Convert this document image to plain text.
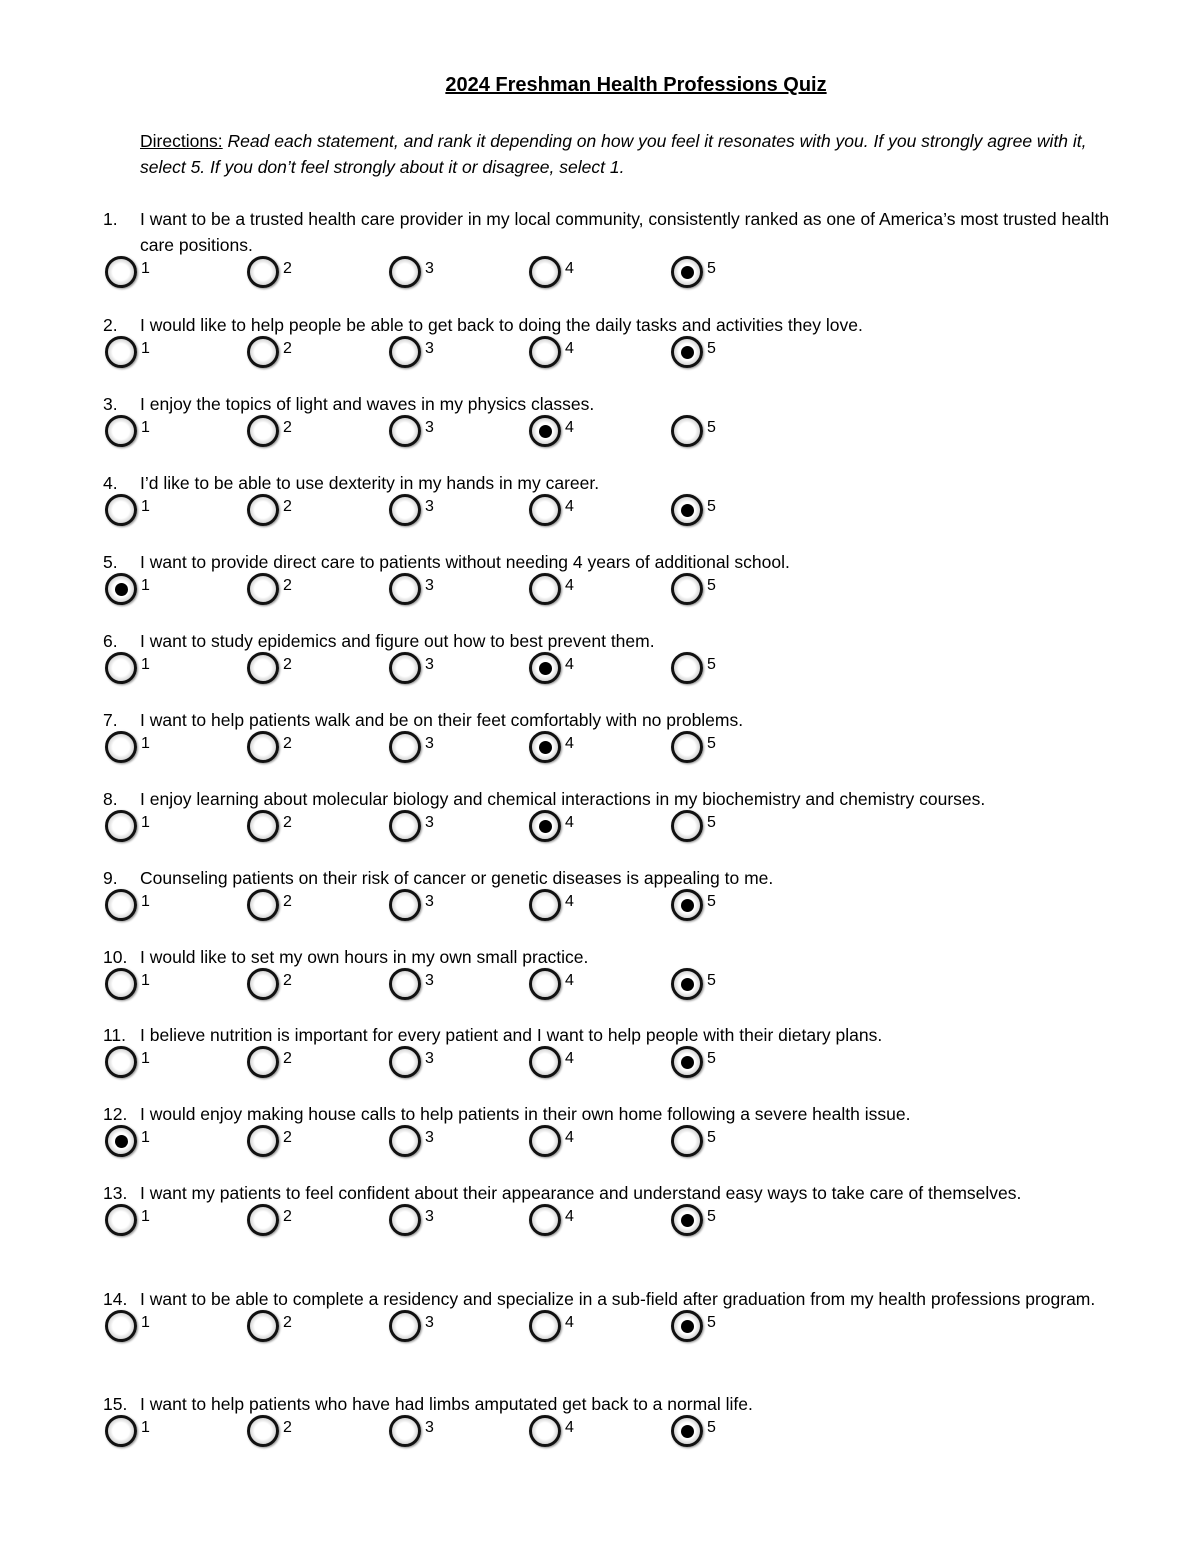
2024 Freshman Health Professions Quiz
Directions: Read each statement, and rank it depending on how you feel it resonates with you. If you strongly agree with it, select 5. If you don’t feel strongly about it or disagree, select 1.
1.	I want to be a trusted health care provider in my local community, consistently ranked as one of America’s most trusted health care positions.
1	2	3	4	5
2.	I would like to help people be able to get back to doing the daily tasks and activities they love.
1	2	3	4	5
3.	I enjoy the topics of light and waves in my physics classes.
1	2	3	4	5
4.	I’d like to be able to use dexterity in my hands in my career.
1	2	3	4	5
5.	I want to provide direct care to patients without needing 4 years of additional school.
1	2	3	4	5
6.	I want to study epidemics and figure out how to best prevent them.
1	2	3	4	5
7.	I want to help patients walk and be on their feet comfortably with no problems.
1	2	3	4	5
8.	I enjoy learning about molecular biology and chemical interactions in my biochemistry and chemistry courses.
1	2	3	4	5
9.	Counseling patients on their risk of cancer or genetic diseases is appealing to me.
1	2	3	4	5
10. I would like to set my own hours in my own small practice.
1	2	3	4	5
11. I believe nutrition is important for every patient and I want to help people with their dietary plans.
1	2	3	4	5
12. I would enjoy making house calls to help patients in their own home following a severe health issue.
1	2	3	4	5
13. I want my patients to feel confident about their appearance and understand easy ways to take care of themselves.
1	2	3	4	5
14. I want to be able to complete a residency and specialize in a sub-field after graduation from my health professions program.
1	2	3	4	5
15. I want to help patients who have had limbs amputated get back to a normal life.
1	2	3	4	5
